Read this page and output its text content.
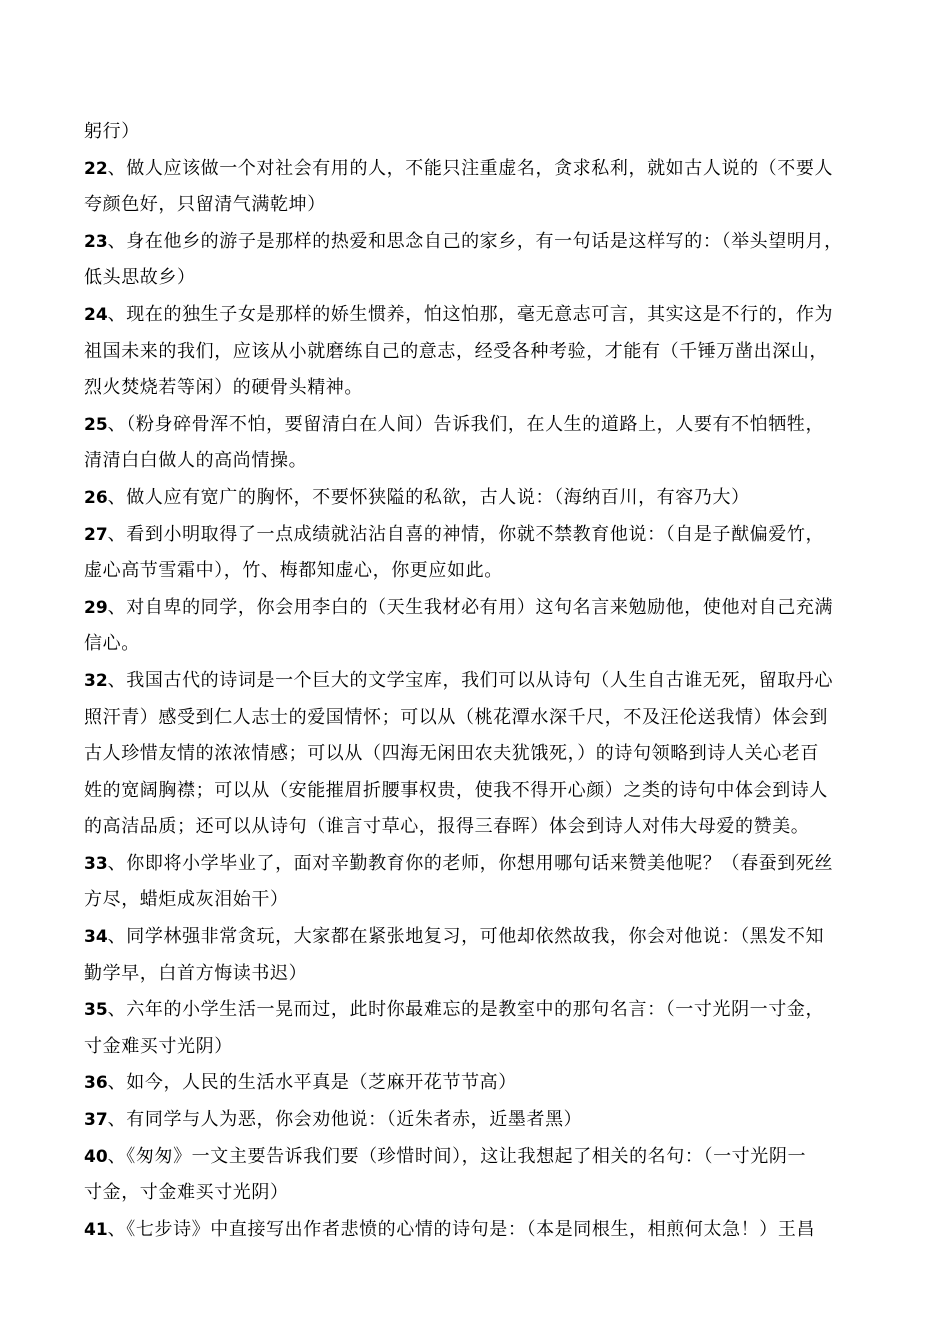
躬行）
22、做人应该做一个对社会有用的人，不能只注重虚名，贪求私利，就如古人说的（不要人
夸颜色好，只留清气满乾坤）
23、身在他乡的游子是那样的热爱和思念自己的家乡，有一句话是这样写的：（举头望明月，
低头思故乡）
24、现在的独生子女是那样的娇生惯养，怕这怕那，毫无意志可言，其实这是不行的，作为
祖国未来的我们，应该从小就磨练自己的意志，经受各种考验，才能有（千锤万凿出深山，
烈火焚烧若等闲）的硬骨头精神。
25、（粉身碎骨浑不怕，要留清白在人间）告诉我们，在人生的道路上，人要有不怕牺牲，
清清白白做人的高尚情操。
26、做人应有宽广的胸怀，不要怀狭隘的私欲，古人说：（海纳百川，有容乃大）
27、看到小明取得了一点成绩就沾沾自喜的神情，你就不禁教育他说：（自是子猷偏爱竹，
虚心高节雪霜中），竹、梅都知虚心，你更应如此。
29、对自卑的同学，你会用李白的（天生我材必有用）这句名言来勉励他，使他对自己充满
信心。
32、我国古代的诗词是一个巨大的文学宝库，我们可以从诗句（人生自古谁无死，留取丹心
照汗青）感受到仁人志士的爱国情怀；可以从（桃花潭水深千尺，不及汪伦送我情）体会到
古人珍惜友情的浓浓情感；可以从（四海无闲田农夫犹饿死，）的诗句领略到诗人关心老百
姓的宽阔胸襟；可以从（安能摧眉折腰事权贵，使我不得开心颜）之类的诗句中体会到诗人
的高洁品质；还可以从诗句（谁言寸草心，报得三春晖）体会到诗人对伟大母爱的赞美。
33、你即将小学毕业了，面对辛勤教育你的老师，你想用哪句话来赞美他呢？（春蚕到死丝
方尽，蜡炬成灰泪始干）
34、同学林强非常贪玩，大家都在紧张地复习，可他却依然故我，你会对他说：（黑发不知
勤学早，白首方悔读书迟）
35、六年的小学生活一晃而过，此时你最难忘的是教室中的那句名言：（一寸光阴一寸金，
寸金难买寸光阴）
36、如今，人民的生活水平真是（芝麻开花节节高）
37、有同学与人为恶，你会劝他说：（近朱者赤，近墨者黑）
40、《匆匆》一文主要告诉我们要（珍惜时间），这让我想起了相关的名句：（一寸光阴一
寸金，寸金难买寸光阴）
41、《七步诗》中直接写出作者悲愤的心情的诗句是：（本是同根生，相煎何太急！）王昌
